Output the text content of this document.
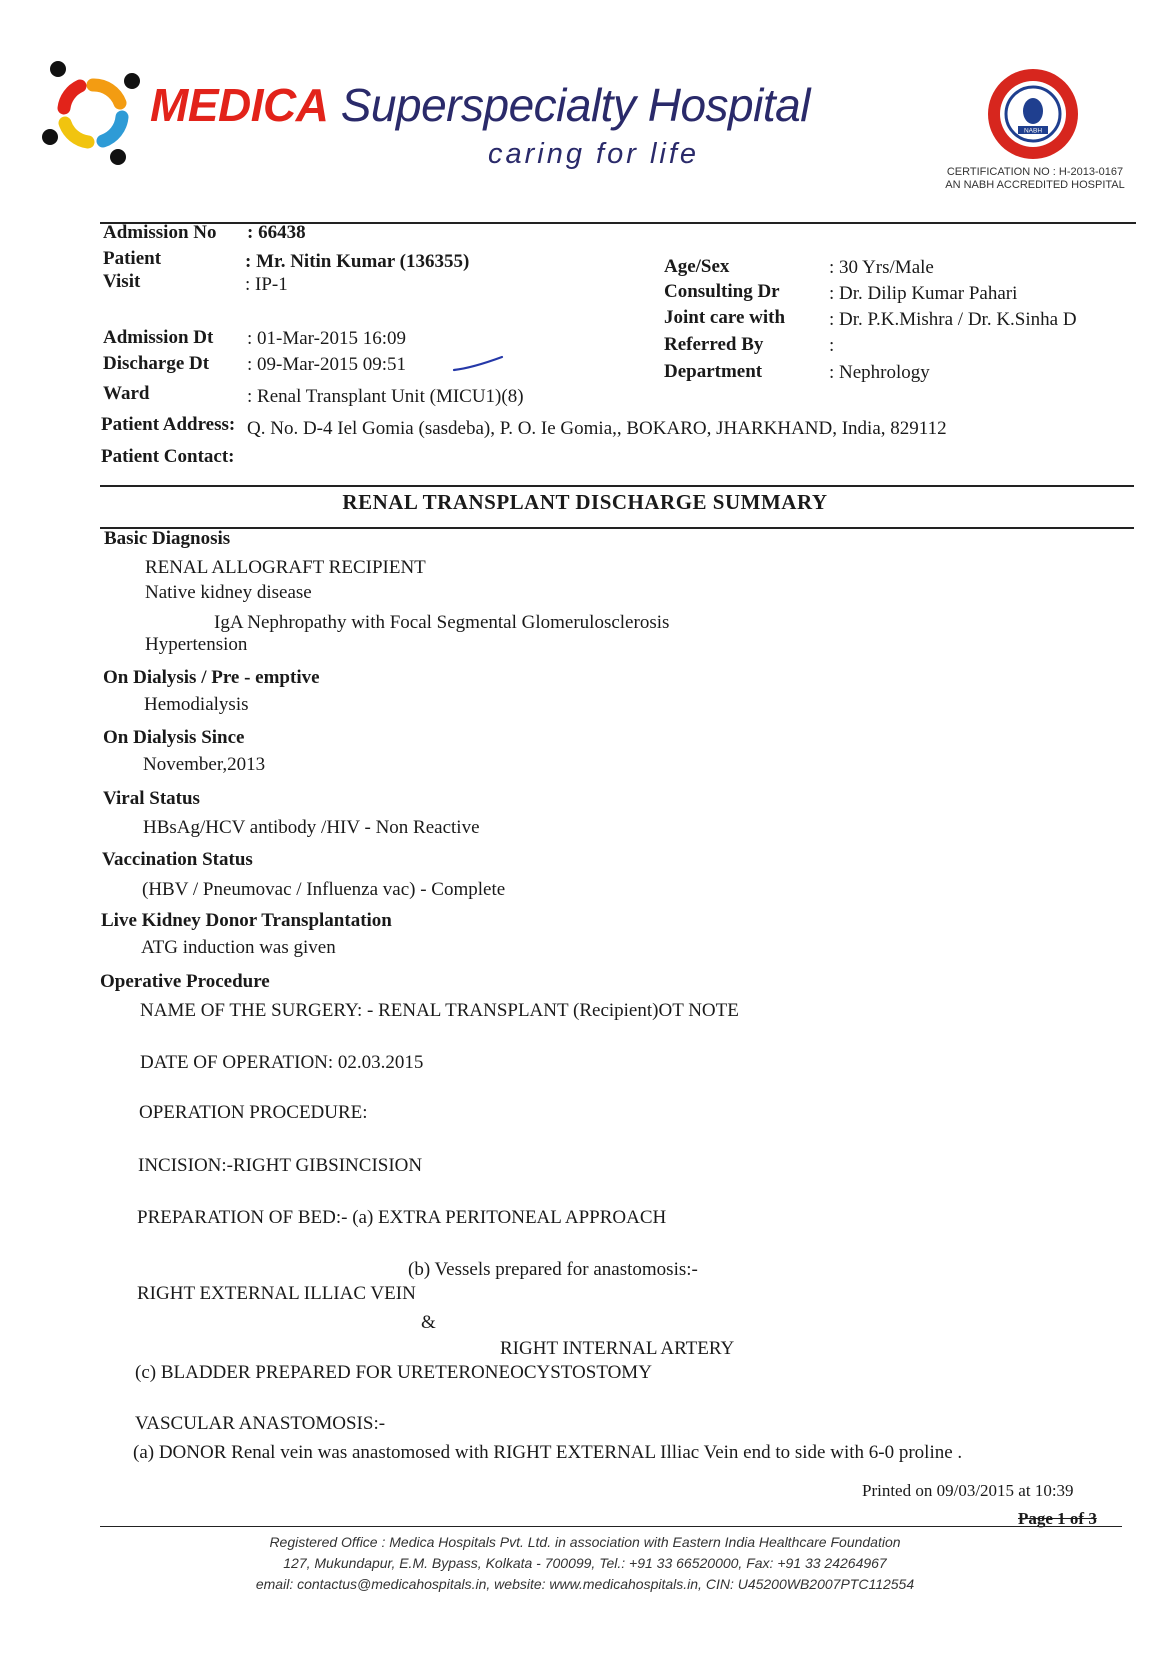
MEDICA Superspecialty Hospital
caring for life
NABH
CERTIFICATION NO : H-2013-0167
AN NABH ACCREDITED HOSPITAL
Admission No : 66438
Patient	: Mr. Nitin Kumar (136355)
Visit	: IP-1
Admission Dt : 01-Mar-2015 16:09
Discharge Dt : 09-Mar-2015 09:51
Ward	: Renal Transplant Unit (MICU1)(8)
Age/Sex	: 30 Yrs/Male
Consulting Dr	: Dr. Dilip Kumar Pahari
Joint care with : Dr. P.K.Mishra / Dr. K.Sinha D
Referred By	:
Department	: Nephrology
Patient Address: Q. No. D-4 Iel Gomia (sasdeba), P. O. Ie Gomia,, BOKARO, JHARKHAND, India, 829112
Patient Contact:
RENAL TRANSPLANT DISCHARGE SUMMARY
Basic Diagnosis
RENAL ALLOGRAFT RECIPIENT
Native kidney disease
IgA Nephropathy with Focal Segmental Glomerulosclerosis
Hypertension
On Dialysis / Pre - emptive
Hemodialysis
On Dialysis Since
November,2013
Viral Status
HBsAg/HCV antibody /HIV - Non Reactive
Vaccination Status
(HBV / Pneumovac / Influenza vac) - Complete
Live Kidney Donor Transplantation
ATG induction was given
Operative Procedure
NAME OF THE SURGERY: - RENAL TRANSPLANT (Recipient)OT NOTE
DATE OF OPERATION: 02.03.2015
OPERATION PROCEDURE:
INCISION:-RIGHT GIBSINCISION
PREPARATION OF BED:- (a) EXTRA PERITONEAL APPROACH
(b) Vessels prepared for anastomosis:-
RIGHT EXTERNAL ILLIAC VEIN
&
RIGHT INTERNAL ARTERY
(c) BLADDER PREPARED FOR URETERONEOCYSTOSTOMY
VASCULAR ANASTOMOSIS:-
(a) DONOR Renal vein was anastomosed with RIGHT EXTERNAL Illiac Vein end to side with 6-0 proline .
Printed on 09/03/2015 at 10:39
Page 1 of 3
Registered Office : Medica Hospitals Pvt. Ltd. in association with Eastern India Healthcare Foundation
127, Mukundapur, E.M. Bypass, Kolkata - 700099, Tel.: +91 33 66520000, Fax: +91 33 24264967
email: contactus@medicahospitals.in, website: www.medicahospitals.in, CIN: U45200WB2007PTC112554
